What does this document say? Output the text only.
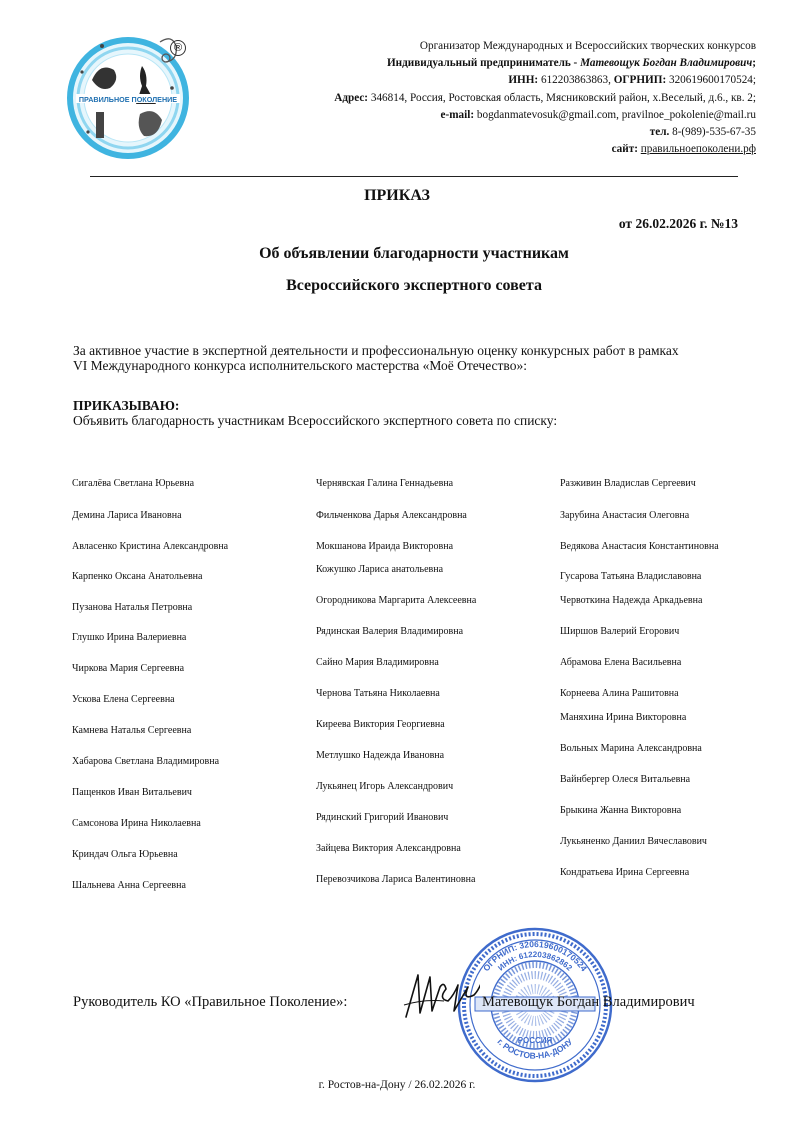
ПРАВИЛЬНОЕ ПОКОЛЕНИЕ
®	Организатор Международных и Всероссийских творческих конкурсов
Индивидуальный предприниматель - Матевощук Богдан Владимирович;
ИНН: 612203863863, ОГРНИП: 320619600170524;
Адрес: 346814, Россия, Ростовская область, Мясниковский район, х.Веселый, д.6., кв. 2;
e-mail: bogdanmatevosuk@gmail.com, pravilnoe_pokolenie@mail.ru
тел. 8-(989)-535-67-35
сайт: правильноепоколени.рф
ПРИКАЗ
от 26.02.2026 г. №13
Об объявлении благодарности участникам
Всероссийского экспертного совета
За активное участие в экспертной деятельности и профессиональную оценку конкурсных работ в рамках
VI Международного конкурса исполнительского мастерства «Моё Отечество»:
ПРИКАЗЫВАЮ:
Объявить благодарность участникам Всероссийского экспертного совета по списку:
Сигалёва Светлана Юрьевна
Демина Лариса Ивановна
Авласенко Кристина Александровна
Карпенко Оксана Анатольевна
Пузанова Наталья Петровна
Глушко Ирина Валериевна
Чиркова Мария Сергеевна
Ускова Елена Сергеевна
Камнева Наталья Сергеевна
Хабарова Светлана Владимировна
Пащенков Иван Витальевич
Самсонова Ирина Николаевна
Криндач Ольга Юрьевна
Шальнева Анна Сергеевна
Чернявская Галина Геннадьевна
Фильченкова Дарья Александровна
Мокшанова Ираида Викторовна
Кожушко Лариса анатольевна
Огородникова Маргарита Алексеевна
Рядинская Валерия Владимировна
Сайно Мария Владимировна
Чернова Татьяна Николаевна
Киреева Виктория Георгиевна
Метлушко Надежда Ивановна
Лукьянец Игорь Александрович
Рядинский Григорий Иванович
Зайцева Виктория Александровна
Перевозчикова Лариса Валентиновна
Разживин Владислав Сергеевич
Зарубина Анастасия Олеговна
Ведякова Анастасия Константиновна
Гусарова Татьяна Владиславовна
Червоткина Надежда Аркадьевна
Ширшов Валерий Егорович
Абрамова Елена Васильевна
Корнеева Алина Рашитовна
Маняхина Ирина Викторовна
Вольных Марина Александровна
Вайнбергер Олеся Витальевна
Брыкина Жанна Викторовна
Лукьяненко Даниил Вячеславович
Кондратьева Ирина Сергеевна
Руководитель КО «Правильное Поколение»:
ОГРНИП: 320619600170524
ИНН: 612203862862
РОССИЯ
г. РОСТОВ-НА-ДОНУ
Матевощук Богдан Владимирович
г. Ростов-на-Дону / 26.02.2026 г.
